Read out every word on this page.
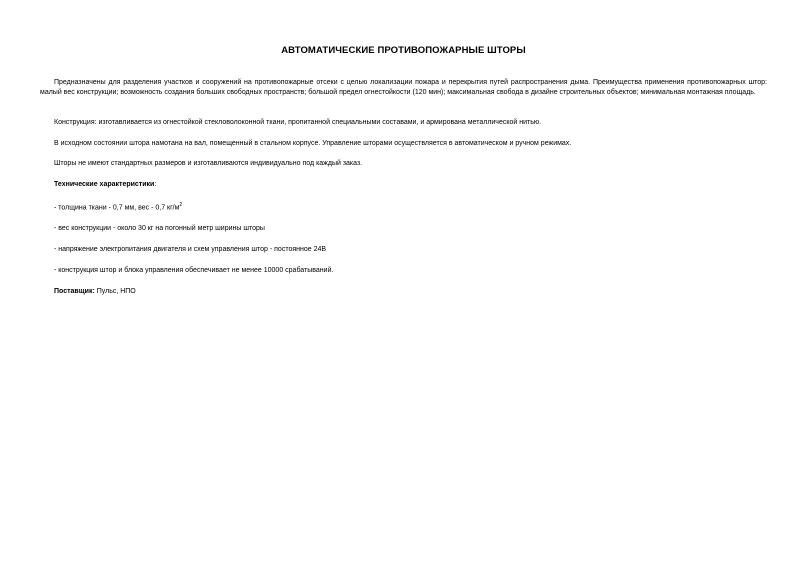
АВТОМАТИЧЕСКИЕ ПРОТИВОПОЖАРНЫЕ ШТОРЫ
Предназначены для разделения участков и сооружений на противопожарные отсеки с целью локализации пожара и перекрытия путей распространения дыма. Преимущества применения противопожарных штор: малый вес конструкции; возможность создания больших свободных пространств; большой предел огнестойкости (120 мин); максимальная свобода в дизайне строительных объектов; минимальная монтажная площадь.
Конструкция: изготавливается из огнестойкой стекловолоконной ткани, пропитанной специальными составами, и армирована металлической нитью.
В исходном состоянии штора намотана на вал, помещенный в стальном корпусе. Управление шторами осуществляется в автоматическом и ручном режимах.
Шторы не имеют стандартных размеров и изготавливаются индивидуально под каждый заказ.
Технические характеристики:
- толщина ткани - 0,7 мм, вес - 0,7 $кг/м^2$
- вес конструкции - около 30 кг на погонный метр ширины шторы
- напряжение электропитания двигателя и схем управления штор - постоянное 24В
- конструкция штор и блока управления обеспечивает не менее 10000 срабатываний.
Поставщик: Пульс, НПО
